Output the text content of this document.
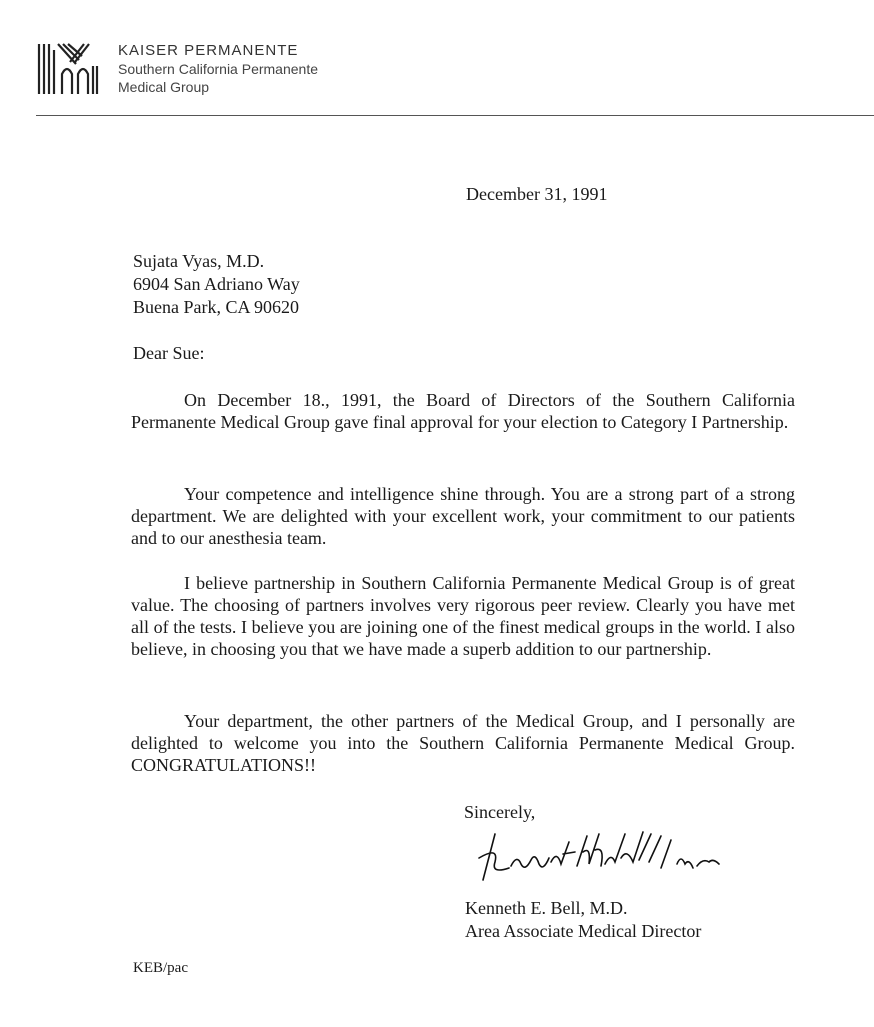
KAISER PERMANENTE
Southern California Permanente
Medical Group
December 31, 1991
Sujata Vyas, M.D.
6904 San Adriano Way
Buena Park, CA 90620
Dear Sue:

On December 18., 1991, the Board of Directors of the Southern California Permanente Medical Group gave final approval for your election to Category I Partnership.

Your competence and intelligence shine through. You are a strong part of a strong department. We are delighted with your excellent work, your commitment to our patients and to our anesthesia team.

I believe partnership in Southern California Permanente Medical Group is of great value. The choosing of partners involves very rigorous peer review. Clearly you have met all of the tests. I believe you are joining one of the finest medical groups in the world. I also believe, in choosing you that we have made a superb addition to our partnership.

Your department, the other partners of the Medical Group, and I personally are delighted to welcome you into the Southern California Permanente Medical Group. CONGRATULATIONS!!

Sincerely,
Kenneth E. Bell, M.D.
Area Associate Medical Director
KEB/pac
